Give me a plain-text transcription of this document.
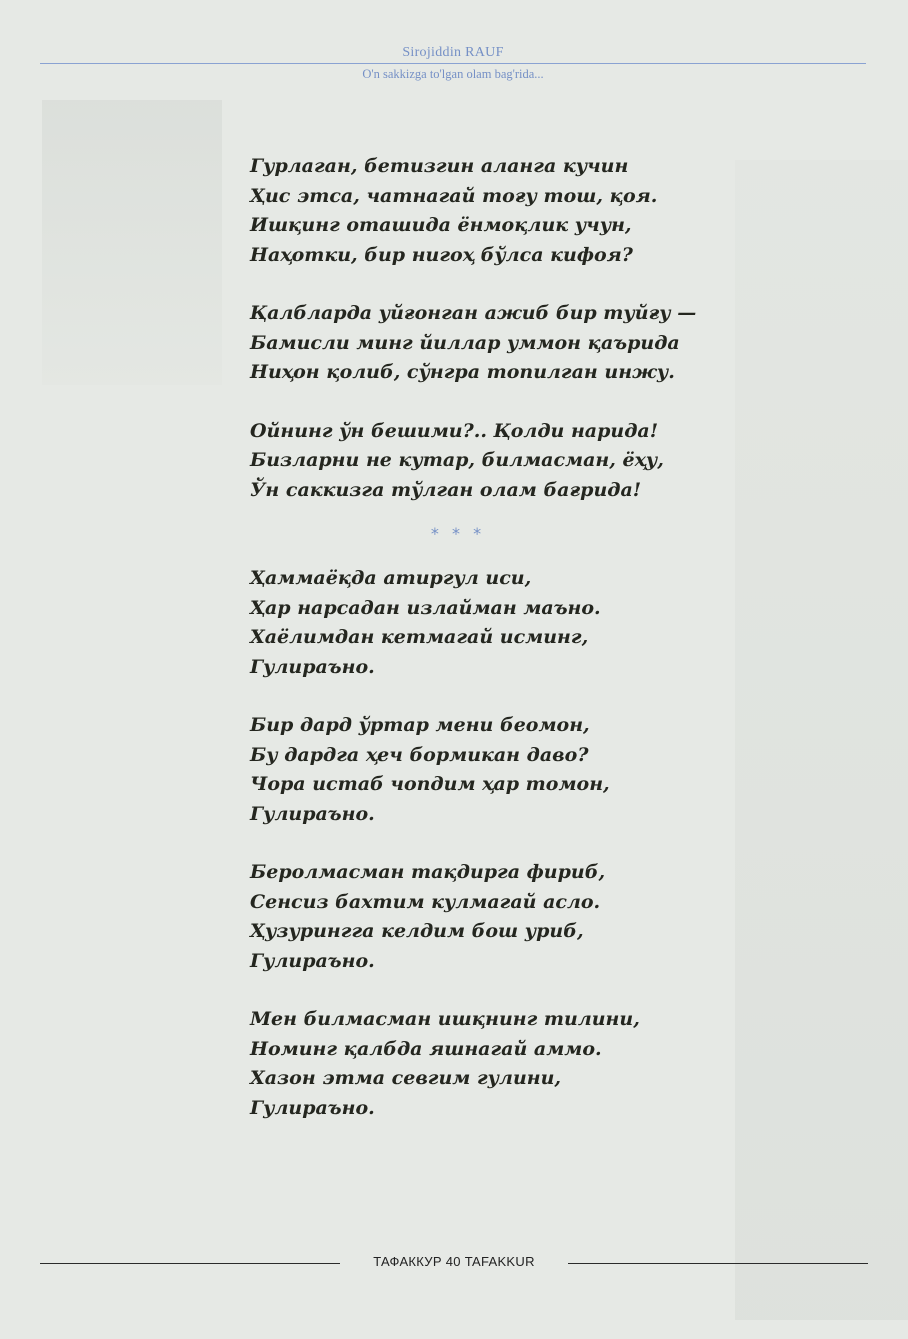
Sirojiddin RAUF
O'n sakkizga to'lgan olam bag'rida...
Гурлаган, бетизгин аланга кучин
Ҳис этса, чатнагай тоғу тош, қоя.
Ишқинг оташида ёнмоқлик учун,
Наҳотки, бир нигоҳ бўлса кифоя?
Қалбларда уйғонган ажиб бир туйғу —
Бамисли минг йиллар уммон қаърида
Ниҳон қолиб, сўнгра топилган инжу.
Ойнинг ўн бешими?.. Қолди нарида!
Бизларни не кутар, билмасман, ёҳу,
Ўн саккизга тўлган олам бағрида!
* * *
Ҳаммаёқда атиргул иси,
Ҳар нарсадан излайман маъно.
Хаёлимдан кетмагай исминг,
Гулираъно.
Бир дард ўртар мени беомон,
Бу дардга ҳеч бормикан даво?
Чора истаб чопдим ҳар томон,
Гулираъно.
Беролмасман тақдирга фириб,
Сенсиз бахтим кулмагай асло.
Ҳузурингга келдим бош уриб,
Гулираъно.
Мен билмасман ишқнинг тилини,
Номинг қалбда яшнагай аммо.
Хазон этма севгим гулини,
Гулираъно.
ТАФАККУР 40 TAFAKKUR
